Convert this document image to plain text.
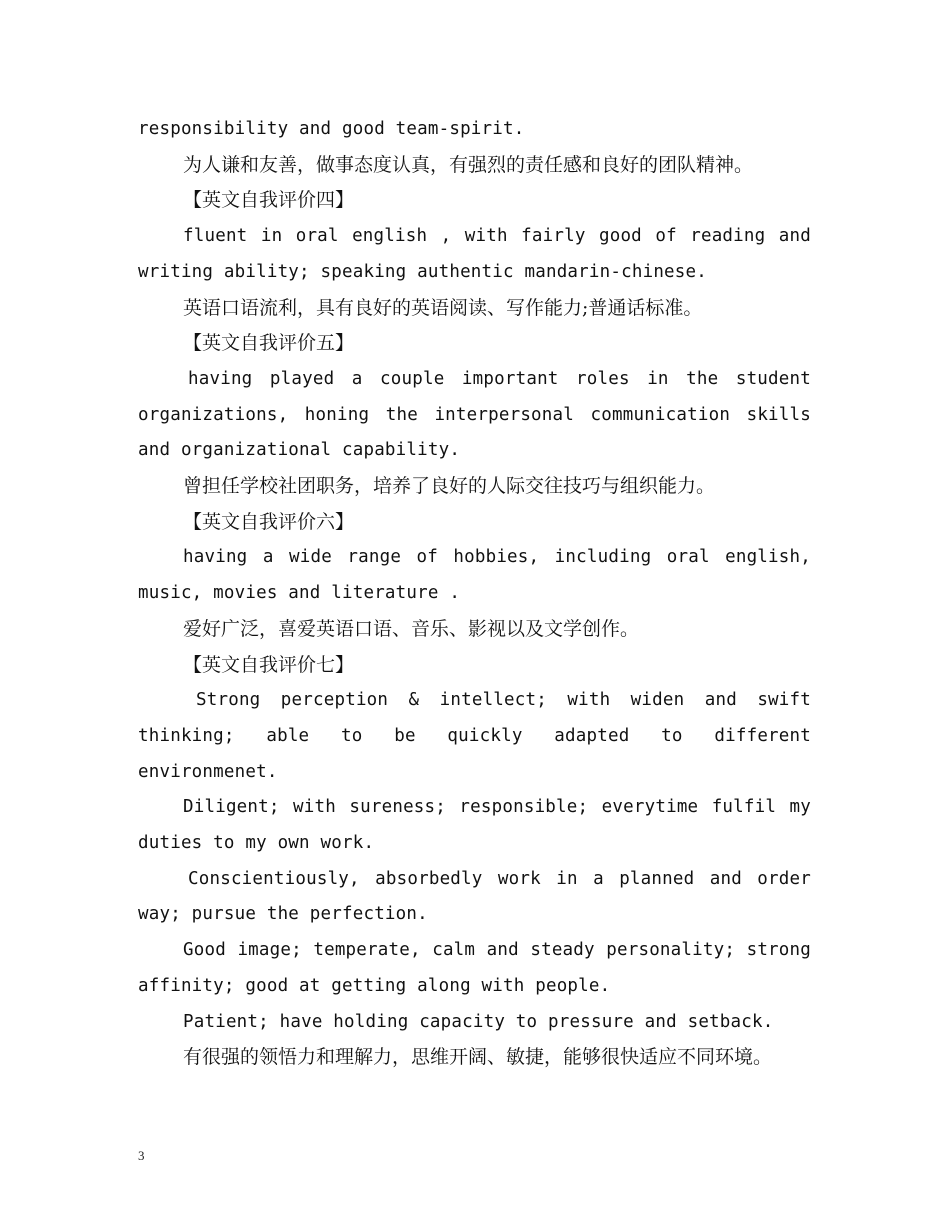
responsibility and good team-spirit.

为人谦和友善，做事态度认真，有强烈的责任感和良好的团队精神。

【英文自我评价四】

fluent in oral english , with fairly good of reading and writing ability; speaking authentic mandarin-chinese.

英语口语流利，具有良好的英语阅读、写作能力;普通话标准。

【英文自我评价五】

having played a couple important roles in the student organizations, honing the interpersonal communication skills and organizational capability.

曾担任学校社团职务，培养了良好的人际交往技巧与组织能力。

【英文自我评价六】

having a wide range of hobbies, including oral english, music, movies and literature .

爱好广泛，喜爱英语口语、音乐、影视以及文学创作。

【英文自我评价七】

Strong perception & intellect; with widen and swift thinking; able to be quickly adapted to different environmenet.

Diligent; with sureness; responsible; everytime fulfil my duties to my own work.

Conscientiously, absorbedly work in a planned and order way; pursue the perfection.

Good image; temperate, calm and steady personality; strong affinity; good at getting along with people.

Patient; have holding capacity to pressure and setback.

有很强的领悟力和理解力，思维开阔、敏捷，能够很快适应不同环境。

3
